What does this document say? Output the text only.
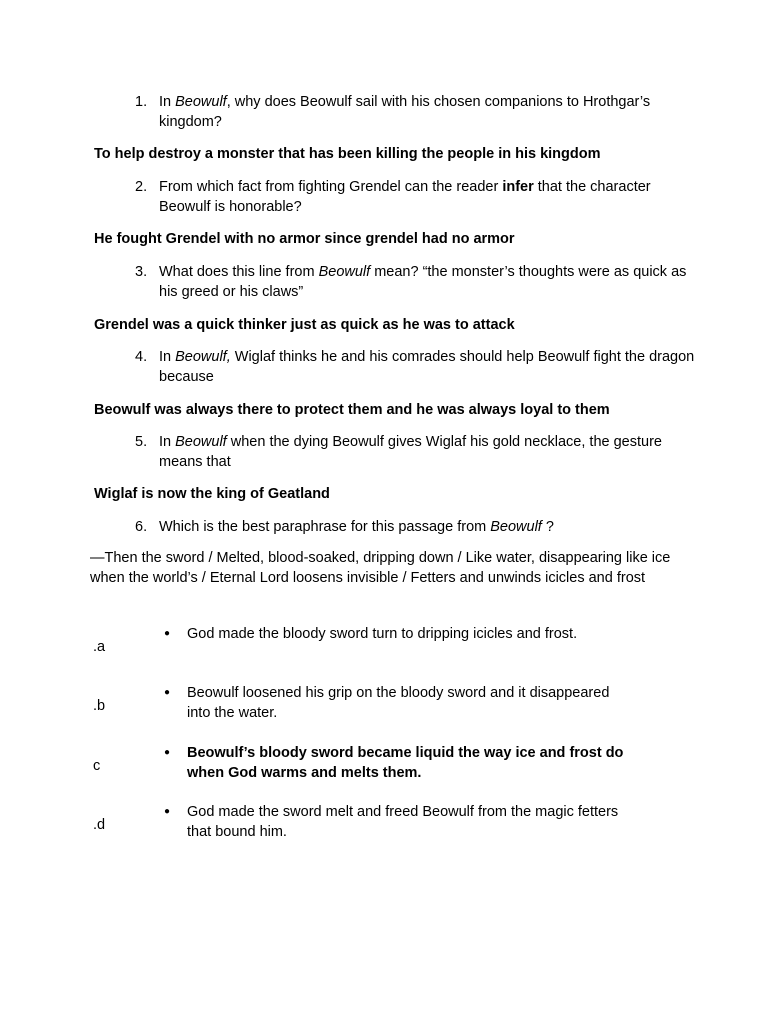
1. In Beowulf, why does Beowulf sail with his chosen companions to Hrothgar’s kingdom?
To help destroy a monster that has been killing the people in his kingdom
2. From which fact from fighting Grendel can the reader infer that the character Beowulf is honorable?
He fought Grendel with no armor since grendel had no armor
3. What does this line from Beowulf mean? “the monster’s thoughts were as quick as his greed or his claws”
Grendel was a quick thinker just as quick as he was to attack
4. In Beowulf, Wiglaf thinks he and his comrades should help Beowulf fight the dragon because
Beowulf was always there to protect them and he was always loyal to them
5. In Beowulf when the dying Beowulf gives Wiglaf his gold necklace, the gesture means that
Wiglaf is now the king of Geatland
6. Which is the best paraphrase for this passage from Beowulf ?
—Then the sword / Melted, blood-soaked, dripping down / Like water, disappearing like ice when the world’s / Eternal Lord loosens invisible / Fetters and unwinds icicles and frost
.a
● God made the bloody sword turn to dripping icicles and frost.
.b
● Beowulf loosened his grip on the bloody sword and it disappeared into the water.
c
● Beowulf’s bloody sword became liquid the way ice and frost do when God warms and melts them.
.d
● God made the sword melt and freed Beowulf from the magic fetters that bound him.
